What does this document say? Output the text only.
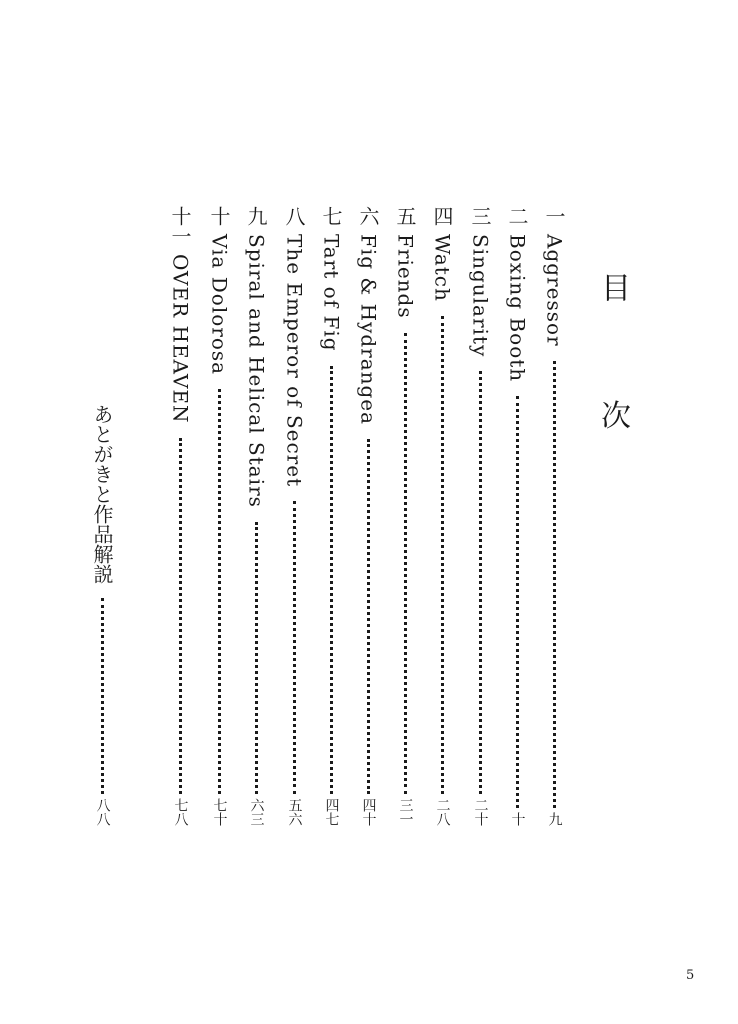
目 次
一
Aggressor
九
二
Boxing Booth
十
三
Singularity
二十
四
Watch
二八
五
Friends
三一
六
Fig & Hydrangea
四十
七
Tart of Fig
四七
八
The Emperor of Secret
五六
九
Spiral and Helical Stairs
六三
十
Via Dolorosa
七十
十一
OVER HEAVEN
七八
あとがきと作品解説
八八
5
